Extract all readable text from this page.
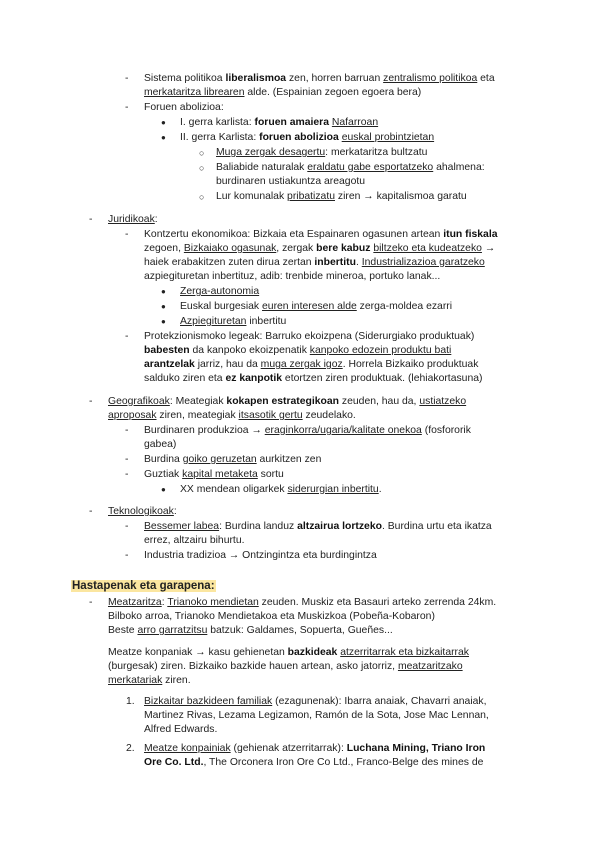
- Sistema politikoa liberalismoa zen, horren barruan zentralismo politikoa eta
merkataritza librearen alde. (Espainian zegoen egoera bera)
- Foruen abolizioa:
● I. gerra karlista: foruen amaiera Nafarroan
● II. gerra Karlista: foruen abolizioa euskal probintzietan
○ Muga zergak desagertu: merkataritza bultzatu
○ Baliabide naturalak eraldatu gabe esportatzeko ahalmena:
burdinaren ustiakuntza areagotu
○ Lur komunalak pribatizatu ziren → kapitalismoa garatu
- Juridikoak:
- Kontzertu ekonomikoa: Bizkaia eta Espainaren ogasunen artean itun fiskala
zegoen, Bizkaiako ogasunak, zergak bere kabuz biltzeko eta kudeatzeko →
haiek erabakitzen zuten dirua zertan inbertitu. Industrializazioa garatzeko
azpiegituretan inbertituz, adib: trenbide mineroa, portuko lanak...
● Zerga-autonomia
● Euskal burgesiak euren interesen alde zerga-moldea ezarri
● Azpiegituretan inbertitu
- Protekzionismoko legeak: Barruko ekoizpena (Siderurgiako produktuak)
babesten da kanpoko ekoizpenatik kanpoko edozein produktu bati
arantzelak jarriz, hau da muga zergak igoz. Horrela Bizkaiko produktuak
salduko ziren eta ez kanpotik etortzen ziren produktuak. (lehiakortasuna)
- Geografikoak: Meategiak kokapen estrategikoan zeuden, hau da, ustiatzeko
aproposak ziren, meategiak itsasotik gertu zeudelako.
- Burdinaren produkzioa → eraginkorra/ugaria/kalitate onekoa (fosfororik
gabea)
- Burdina goiko geruzetan aurkitzen zen
- Guztiak kapital metaketa sortu
● XX mendean oligarkek siderurgian inbertitu.
- Teknologikoak:
- Bessemer labea: Burdina landuz altzairua lortzeko. Burdina urtu eta ikatza
errez, altzairu bihurtu.
- Industria tradizioa → Ontzingintza eta burdingintza
Hastapenak eta garapena:
- Meatzaritza: Trianoko mendietan zeuden. Muskiz eta Basauri arteko zerrenda 24km.
Bilboko arroa, Trianoko Mendietakoa eta Muskizkoa (Pobeña-Kobaron)
Beste arro garratzitsu batzuk: Galdames, Sopuerta, Gueñes...
Meatze konpaniak → kasu gehienetan bazkideak atzerritarrak eta bizkaitarrak
(burgesak) ziren. Bizkaiko bazkide hauen artean, asko jatorriz, meatzaritzako
merkatariak ziren.
1. Bizkaitar bazkideen familiak (ezagunenak): Ibarra anaiak, Chavarri anaiak,
Martinez Rivas, Lezama Legizamon, Ramón de la Sota, Jose Mac Lennan,
Alfred Edwards.
2. Meatze konpainiak (gehienak atzerritarrak): Luchana Mining, Triano Iron
Ore Co. Ltd., The Orconera Iron Ore Co Ltd., Franco-Belge des mines de
